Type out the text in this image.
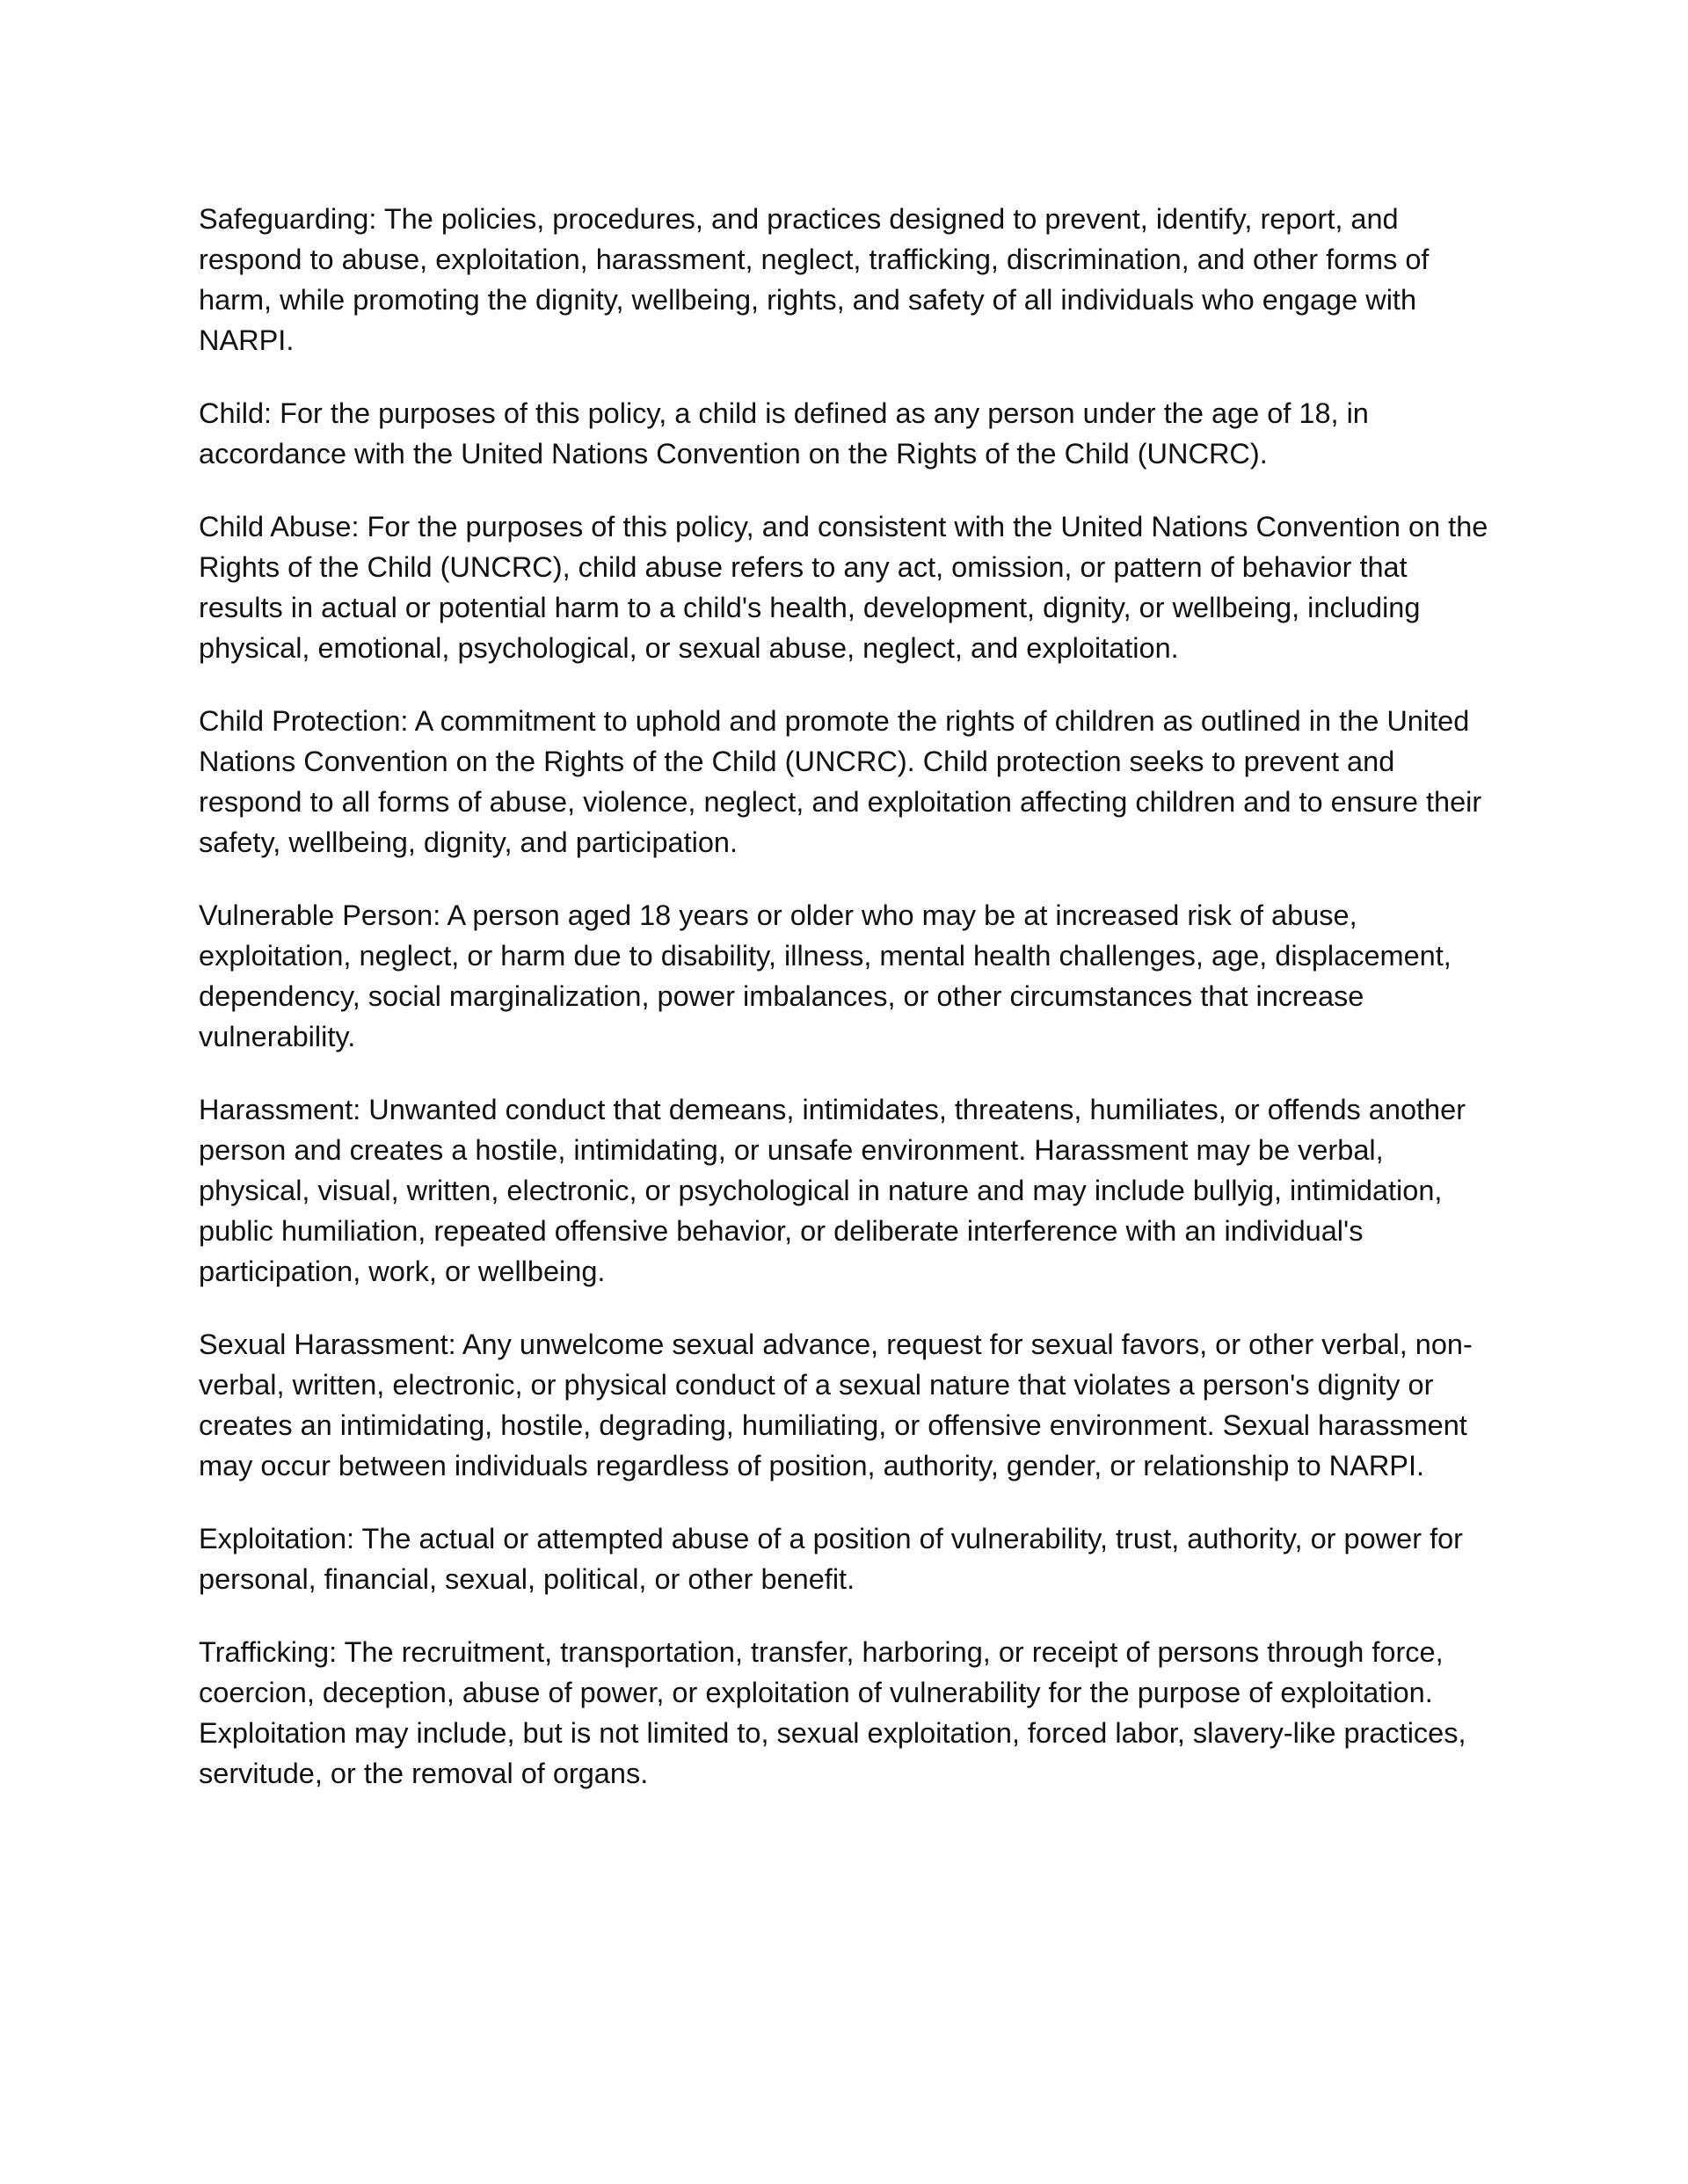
Safeguarding: The policies, procedures, and practices designed to prevent, identify, report, and respond to abuse, exploitation, harassment, neglect, trafficking, discrimination, and other forms of harm, while promoting the dignity, wellbeing, rights, and safety of all individuals who engage with NARPI.

Child: For the purposes of this policy, a child is defined as any person under the age of 18, in accordance with the United Nations Convention on the Rights of the Child (UNCRC).

Child Abuse: For the purposes of this policy, and consistent with the United Nations Convention on the Rights of the Child (UNCRC), child abuse refers to any act, omission, or pattern of behavior that results in actual or potential harm to a child's health, development, dignity, or wellbeing, including physical, emotional, psychological, or sexual abuse, neglect, and exploitation.

Child Protection: A commitment to uphold and promote the rights of children as outlined in the United Nations Convention on the Rights of the Child (UNCRC). Child protection seeks to prevent and respond to all forms of abuse, violence, neglect, and exploitation affecting children and to ensure their safety, wellbeing, dignity, and participation.

Vulnerable Person: A person aged 18 years or older who may be at increased risk of abuse, exploitation, neglect, or harm due to disability, illness, mental health challenges, age, displacement, dependency, social marginalization, power imbalances, or other circumstances that increase vulnerability.

Harassment: Unwanted conduct that demeans, intimidates, threatens, humiliates, or offends another person and creates a hostile, intimidating, or unsafe environment. Harassment may be verbal, physical, visual, written, electronic, or psychological in nature and may include bullyig, intimidation, public humiliation, repeated offensive behavior, or deliberate interference with an individual's participation, work, or wellbeing.

Sexual Harassment: Any unwelcome sexual advance, request for sexual favors, or other verbal, non-verbal, written, electronic, or physical conduct of a sexual nature that violates a person's dignity or creates an intimidating, hostile, degrading, humiliating, or offensive environment. Sexual harassment may occur between individuals regardless of position, authority, gender, or relationship to NARPI.

Exploitation: The actual or attempted abuse of a position of vulnerability, trust, authority, or power for personal, financial, sexual, political, or other benefit.

Trafficking: The recruitment, transportation, transfer, harboring, or receipt of persons through force, coercion, deception, abuse of power, or exploitation of vulnerability for the purpose of exploitation. Exploitation may include, but is not limited to, sexual exploitation, forced labor, slavery-like practices, servitude, or the removal of organs.
